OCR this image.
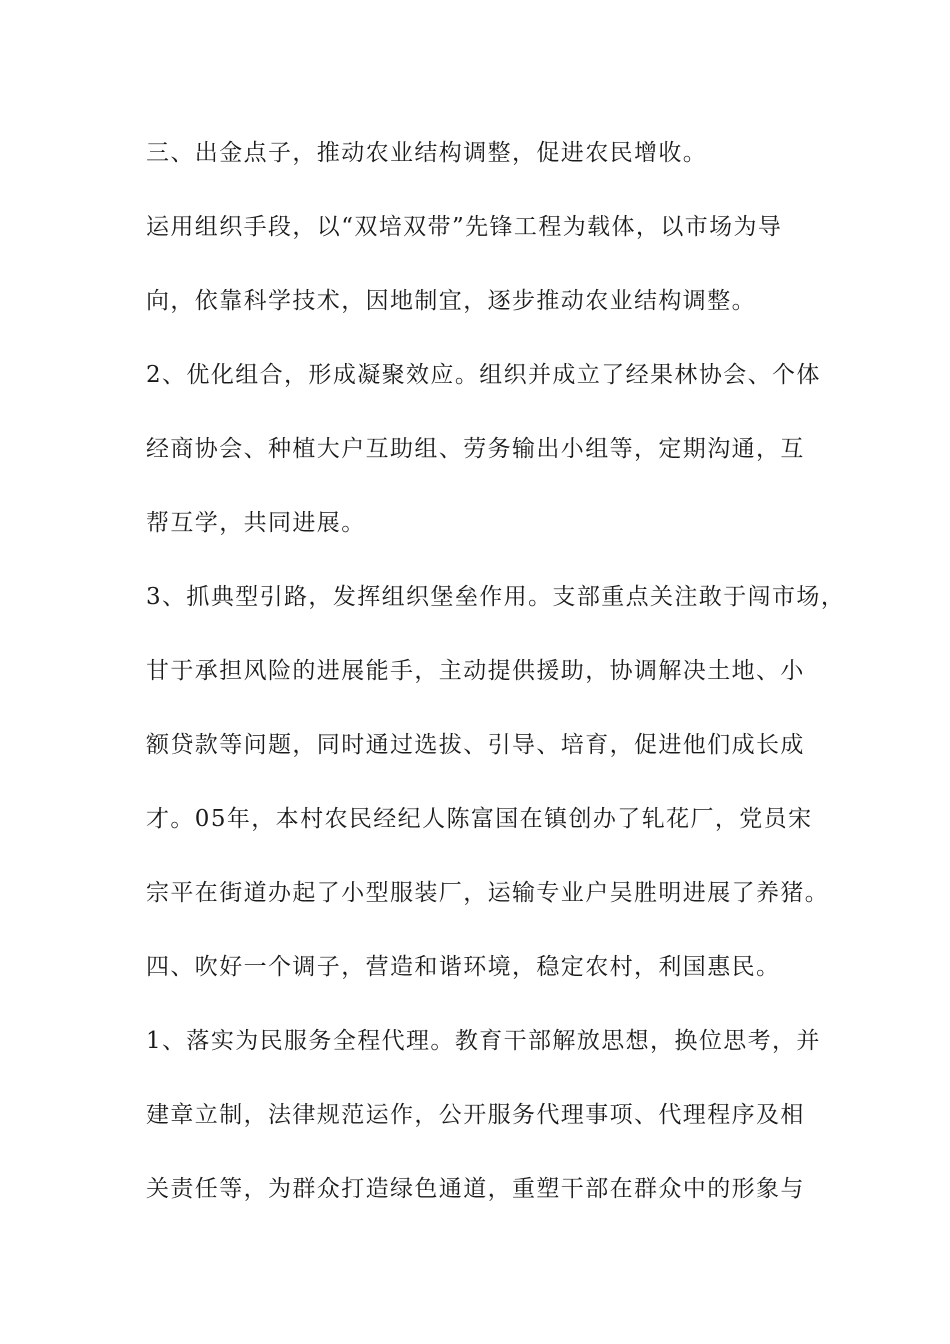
三、出金点子，推动农业结构调整，促进农民增收。
运用组织手段，以“双培双带”先锋工程为载体，以市场为导
向，依靠科学技术，因地制宜，逐步推动农业结构调整。
2、优化组合，形成凝聚效应。组织并成立了经果林协会、个体
经商协会、种植大户互助组、劳务输出小组等，定期沟通，互
帮互学，共同进展。
3、抓典型引路，发挥组织堡垒作用。支部重点关注敢于闯市场，
甘于承担风险的进展能手，主动提供援助，协调解决土地、小
额贷款等问题，同时通过选拔、引导、培育，促进他们成长成
才。05年，本村农民经纪人陈富国在镇创办了轧花厂，党员宋
宗平在街道办起了小型服装厂，运输专业户吴胜明进展了养猪。
四、吹好一个调子，营造和谐环境，稳定农村，利国惠民。
1、落实为民服务全程代理。教育干部解放思想，换位思考，并
建章立制，法律规范运作，公开服务代理事项、代理程序及相
关责任等，为群众打造绿色通道，重塑干部在群众中的形象与
